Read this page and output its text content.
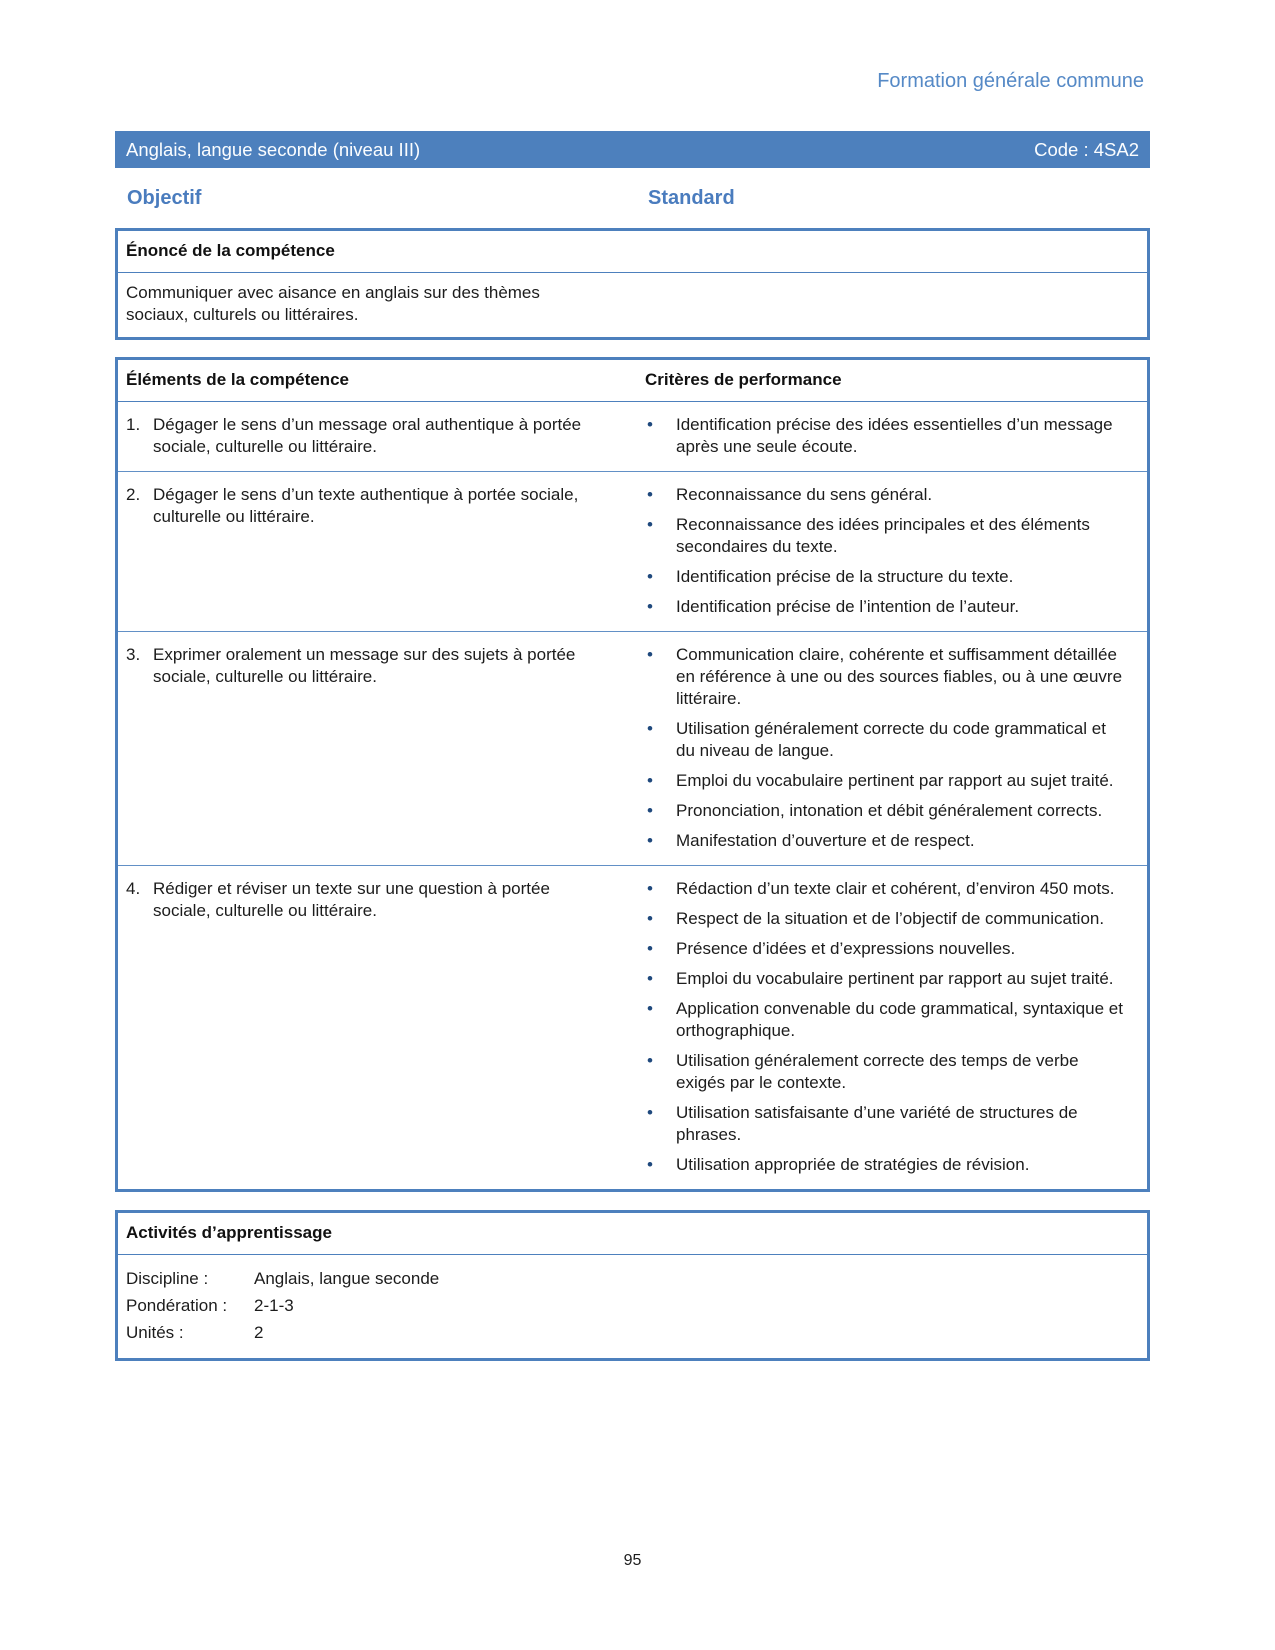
Formation générale commune
Anglais, langue seconde (niveau III)	Code : 4SA2
Objectif	Standard
Énoncé de la compétence

Communiquer avec aisance en anglais sur des thèmes sociaux, culturels ou littéraires.

Éléments de la compétence	Critères de performance
1. Dégager le sens d’un message oral authentique à portée sociale, culturelle ou littéraire.
• Identification précise des idées essentielles d’un message après une seule écoute.
2. Dégager le sens d’un texte authentique à portée sociale, culturelle ou littéraire.
• Reconnaissance du sens général.
• Reconnaissance des idées principales et des éléments secondaires du texte.
• Identification précise de la structure du texte.
• Identification précise de l’intention de l’auteur.
3. Exprimer oralement un message sur des sujets à portée sociale, culturelle ou littéraire.
• Communication claire, cohérente et suffisamment détaillée en référence à une ou des sources fiables, ou à une œuvre littéraire.
• Utilisation généralement correcte du code grammatical et du niveau de langue.
• Emploi du vocabulaire pertinent par rapport au sujet traité.
• Prononciation, intonation et débit généralement corrects.
• Manifestation d’ouverture et de respect.
4. Rédiger et réviser un texte sur une question à portée sociale, culturelle ou littéraire.
• Rédaction d’un texte clair et cohérent, d’environ 450 mots.
• Respect de la situation et de l’objectif de communication.
• Présence d’idées et d’expressions nouvelles.
• Emploi du vocabulaire pertinent par rapport au sujet traité.
• Application convenable du code grammatical, syntaxique et orthographique.
• Utilisation généralement correcte des temps de verbe exigés par le contexte.
• Utilisation satisfaisante d’une variété de structures de phrases.
• Utilisation appropriée de stratégies de révision.
Activités d’apprentissage
Discipline :	Anglais, langue seconde
Pondération :	2-1-3
Unités :	2
95
